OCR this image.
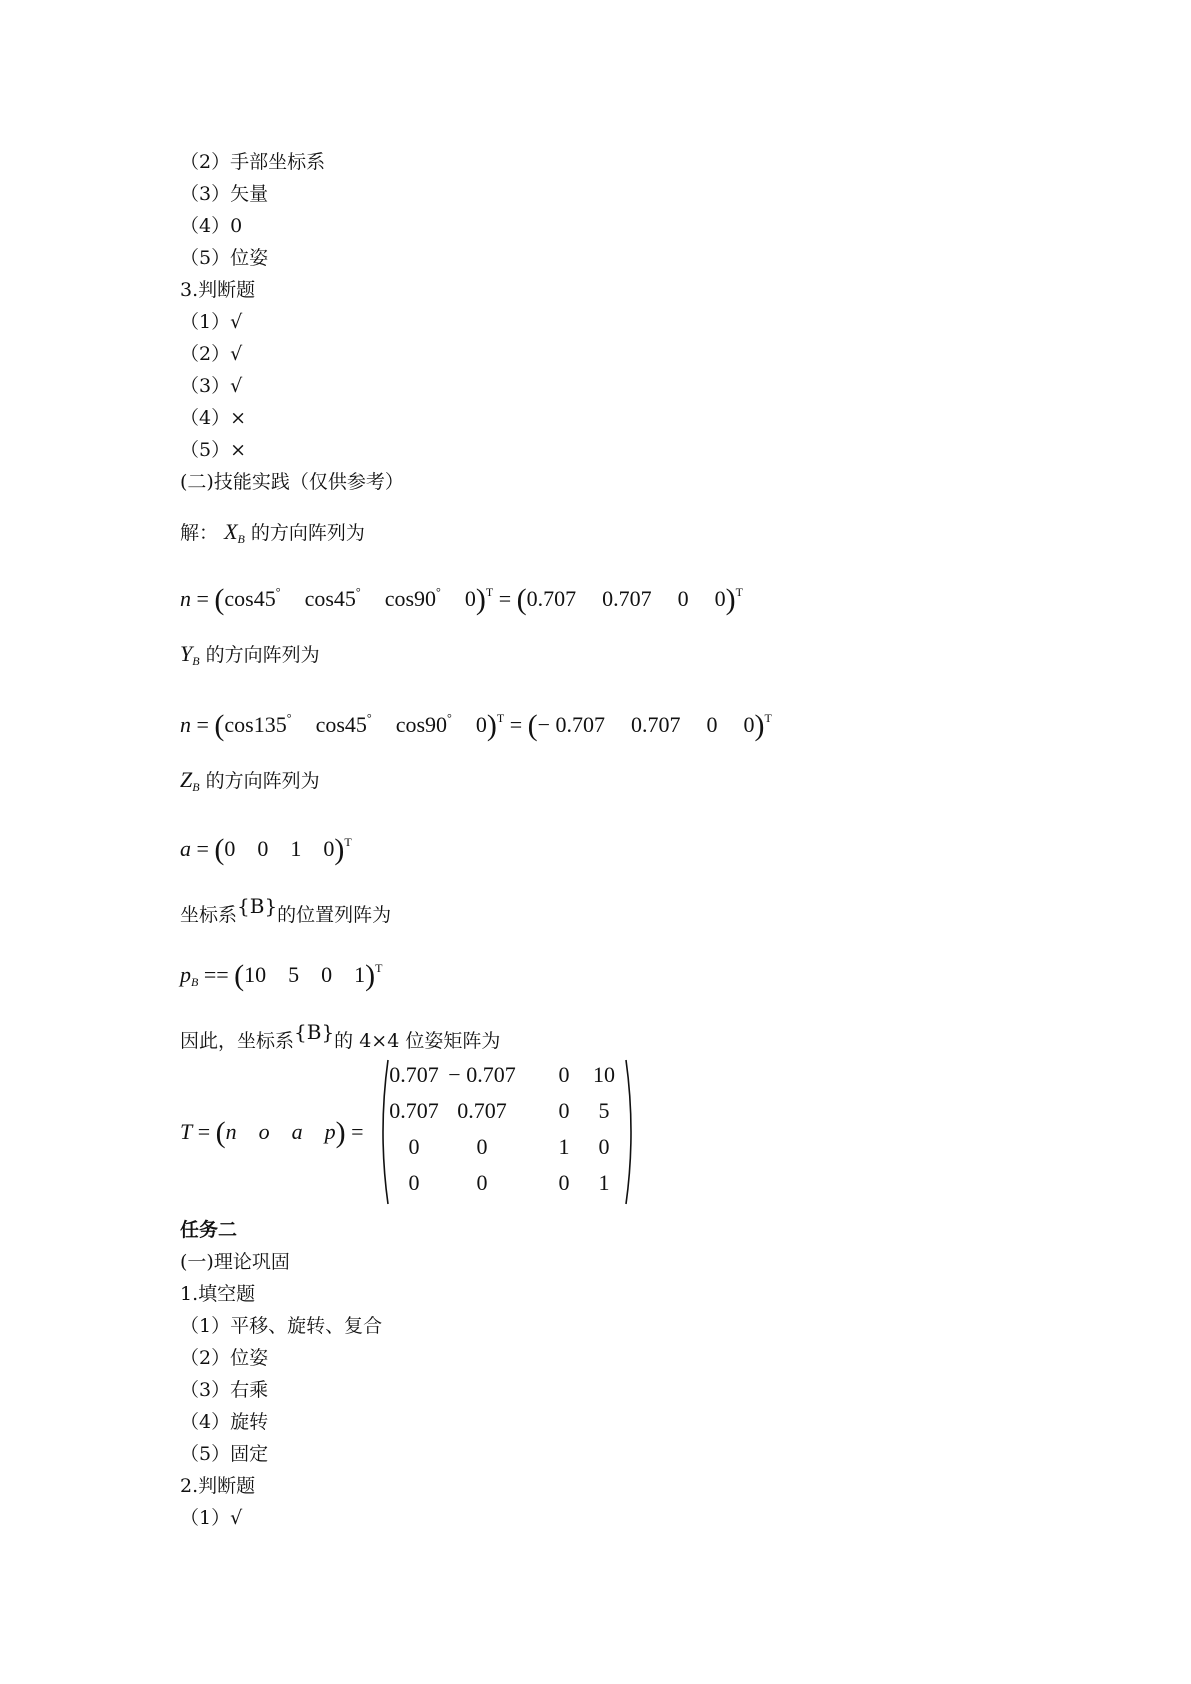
（2）手部坐标系
（3）矢量
（4）0
（5）位姿
3.判断题
（1）√
（2）√
（3）√
（4）×
（5）×
(二)技能实践（仅供参考）
解： $X_B$ 的方向阵列为
n = (cos45° cos45° cos90° 0)$^T$ = (0.707 0.707 0 0)$^T$
$Y_B$ 的方向阵列为
n = (cos135° cos45° cos90° 0)$^T$ = (− 0.707 0.707 0 0)$^T$
$Z_B$ 的方向阵列为
a = (0    0    1    0)$^T$
坐标系{B}的位置列阵为
$p_B == (10$    5    0    1)$^T$
因此，坐标系{B}的 4×4 位姿矩阵为
T = (n    o    a    p) =
0.707 − 0.707	0 10
0.707 0.707	0	5
0	0	1	0
0	0	0	1
任务二
(一)理论巩固
1.填空题
（1）平移、旋转、复合
（2）位姿
（3）右乘
（4）旋转
（5）固定
2.判断题
（1）√
